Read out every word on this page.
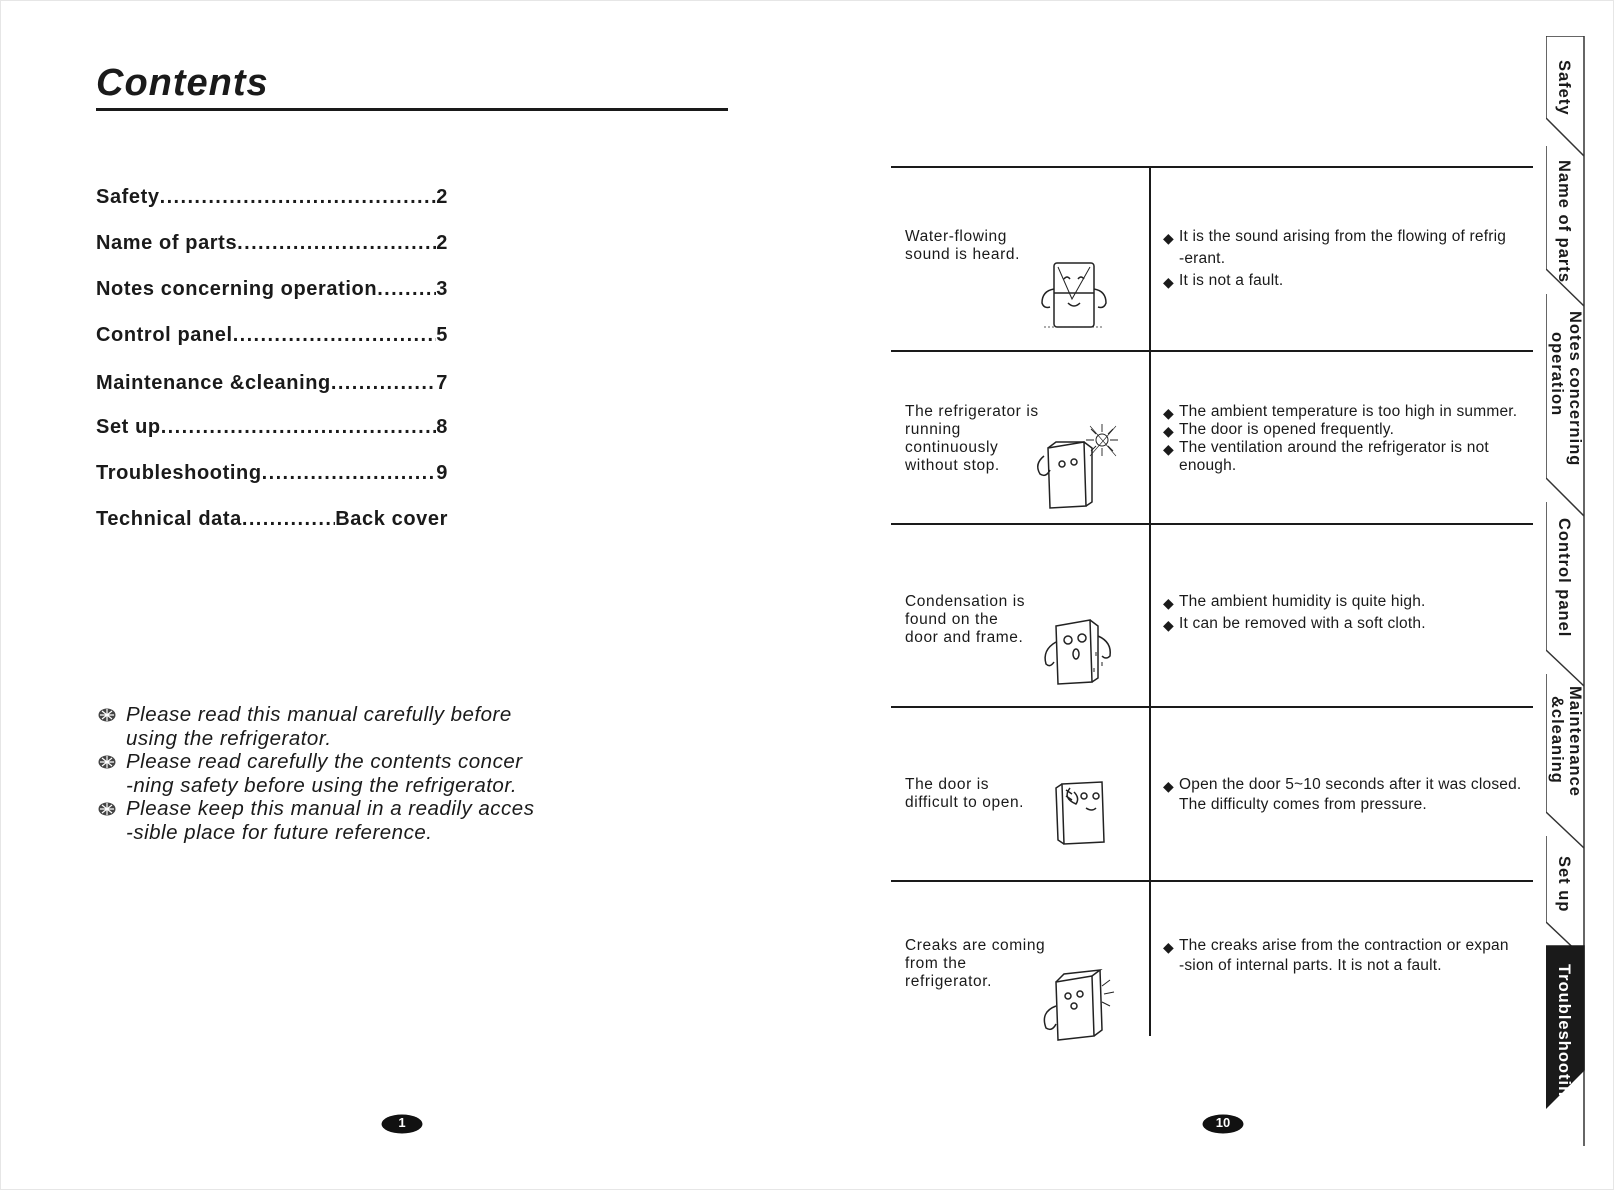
Contents
Safety .....	2
Name of parts .....	2
Notes concerning operation .....	3
Control panel .....	5
Maintenance &cleaning .....	7
Set up .....	8
Troubleshooting .....	9
Technical data .....	Back cover
Please read this manual carefully before
using the refrigerator.
Please read carefully the contents concer
-ning safety before using the refrigerator.
Please keep this manual in a readily acces
-sible place for future reference.
1
Water-flowing
sound is heard.
◆ It is the sound arising from the flowing of refrig
-erant.
◆ It is not a fault.
The refrigerator is
running
continuously
without stop.
◆ The ambient temperature is too high in summer.
◆ The door is opened frequently.
◆ The ventilation around the refrigerator is not
enough.
Condensation is
found on the
door and frame.
◆ The ambient humidity is quite high.
◆ It can be removed with a soft cloth.
The door is
difficult to open.
◆ Open the door 5~10 seconds after it was closed.
The difficulty comes from pressure.
Creaks are coming
from the
refrigerator.
◆ The creaks arise from the contraction or expan
-sion of internal parts. It is not a fault.
10
Safety
Name of parts
Notes concerning
operation
Control panel
Maintenance
&cleaning
Set up
Troubleshooting
